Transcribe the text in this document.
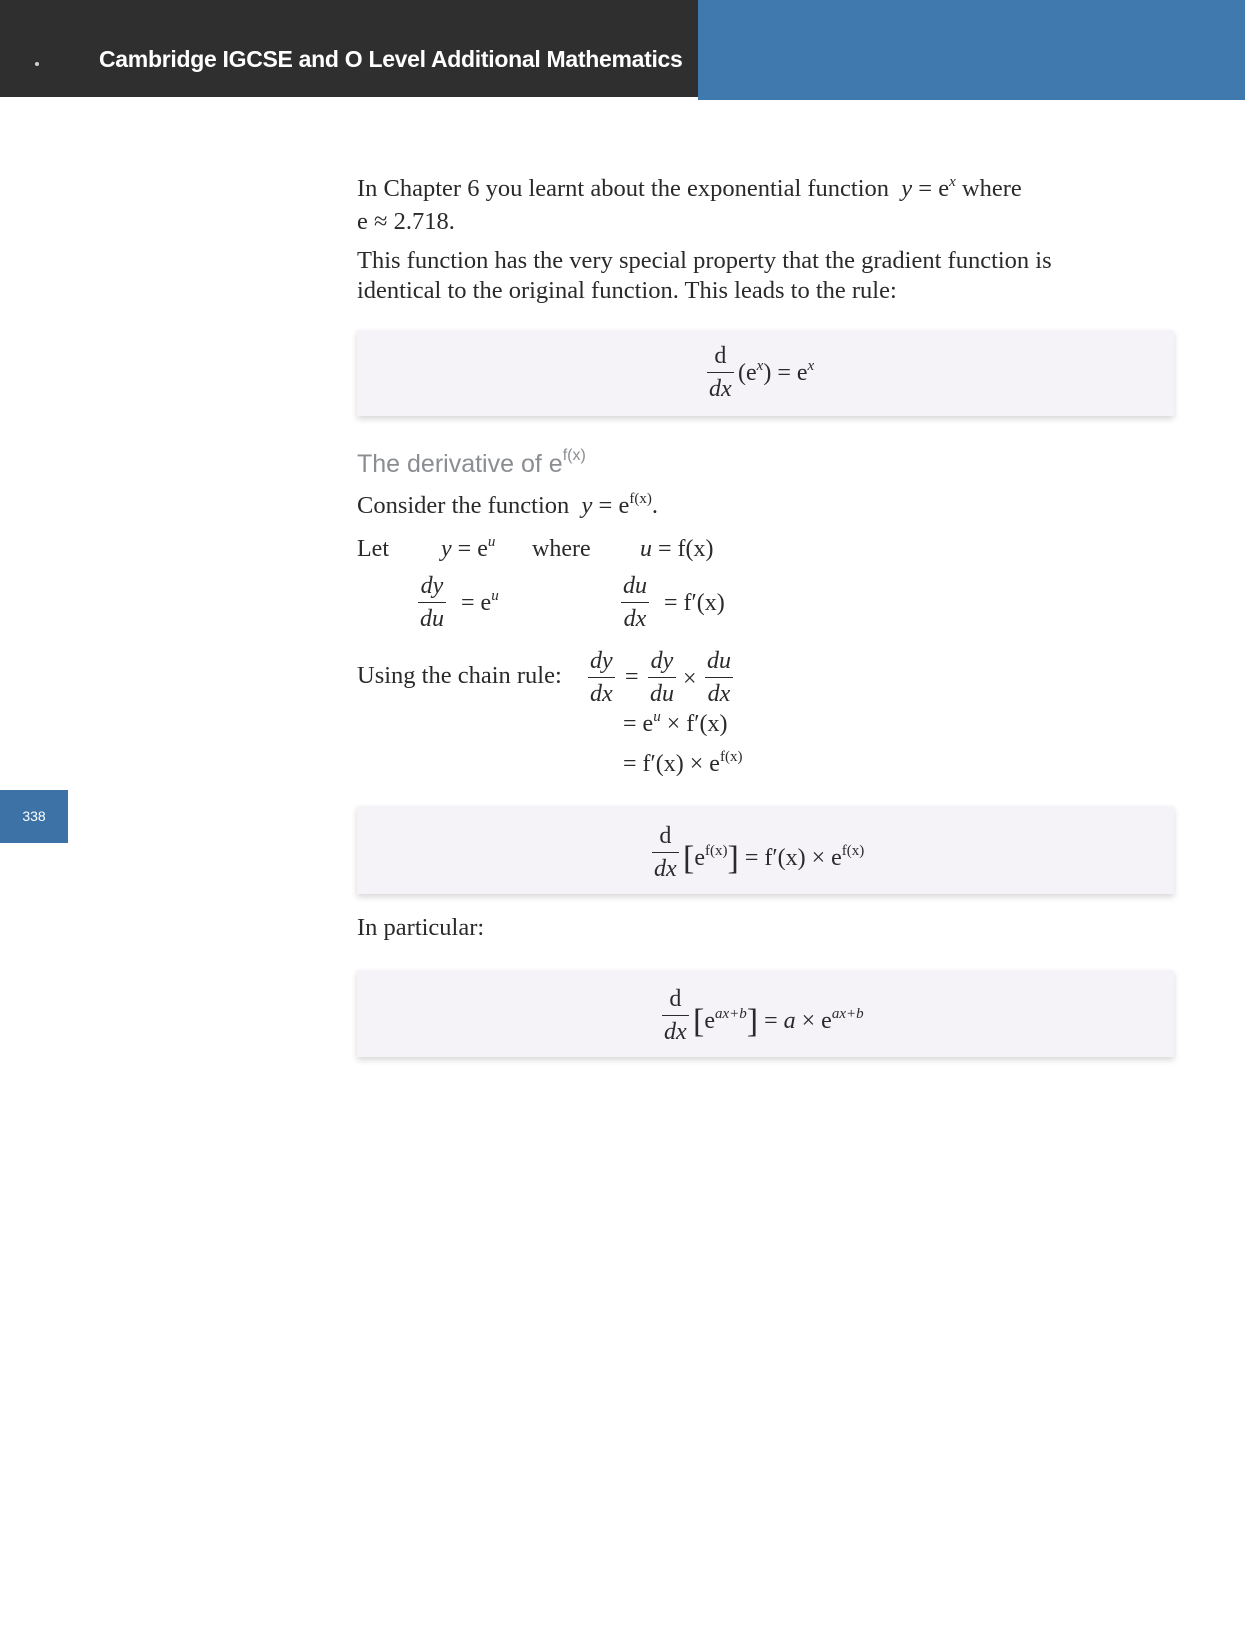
Cambridge IGCSE and O Level Additional Mathematics
338

In Chapter 6 you learnt about the exponential function $y = e^x$ where
e ≈ 2.718.

This function has the very special property that the gradient function is identical to the original function. This leads to the rule:

d
dx
$(e^x) = e^x$
The derivative of $e^{f(x)}$
Consider the function $y = e^{f(x)}$.
Let $y = e^u$ where u = f(x)
dy
du
= $e^u$	du
dx
= f′(x)
Using the chain rule:
dy
dx
=
dy
du
×
du
dx
= $e^u \times f'(x)$
= $f'(x) \times e^{f(x)}$
d
dx $[e^{f(x)}] = f'(x) \times e^{f(x)}$
In particular:
d
dx $[e^{ax+b}] = a \times e^{ax+b}$
